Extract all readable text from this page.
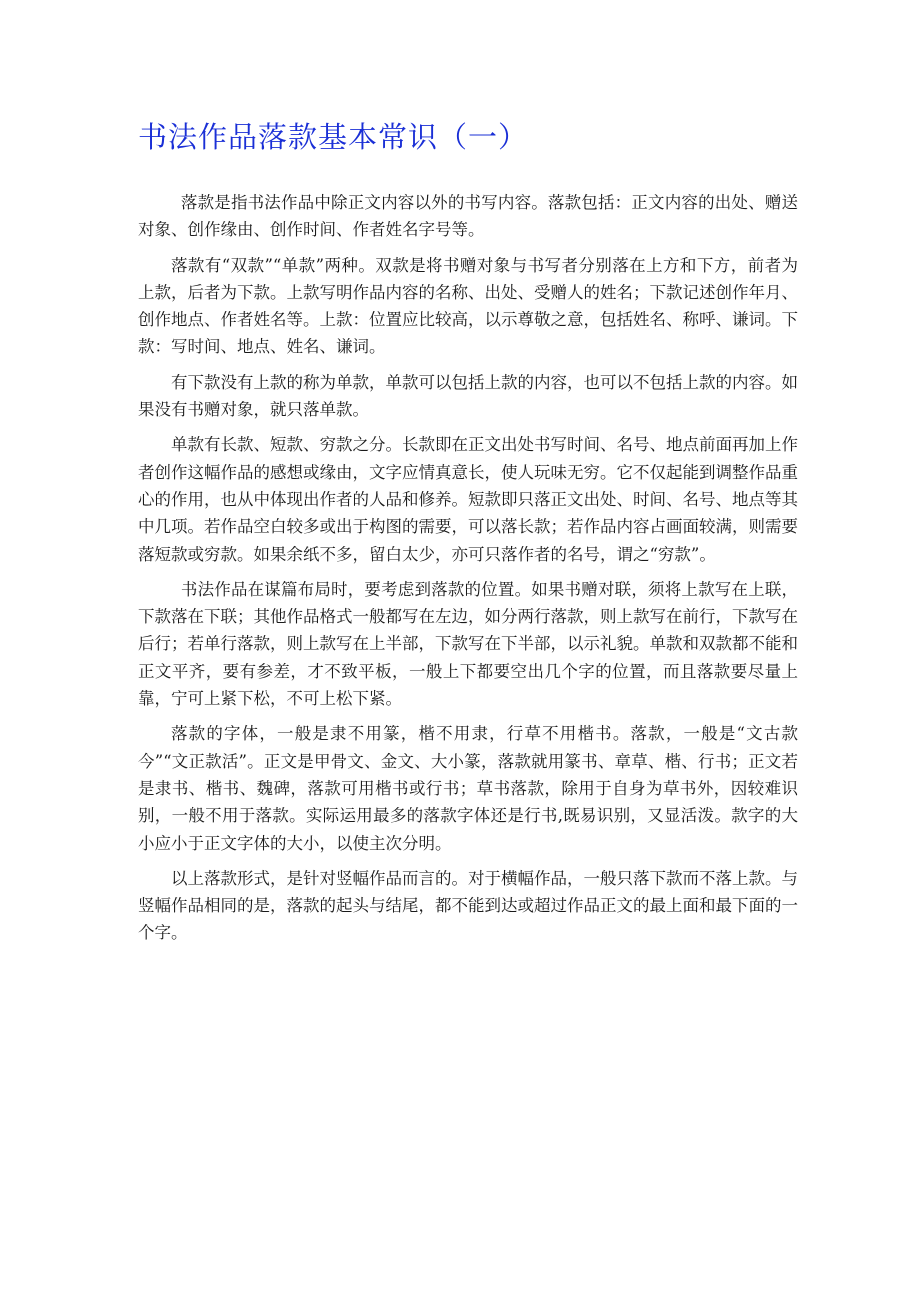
书法作品落款基本常识（一）

落款是指书法作品中除正文内容以外的书写内容。落款包括：正文内容的出处、赠送对象、创作缘由、创作时间、作者姓名字号等。

落款有“双款”“单款”两种。双款是将书赠对象与书写者分别落在上方和下方，前者为上款，后者为下款。上款写明作品内容的名称、出处、受赠人的姓名；下款记述创作年月、创作地点、作者姓名等。上款：位置应比较高，以示尊敬之意，包括姓名、称呼、谦词。下款：写时间、地点、姓名、谦词。

有下款没有上款的称为单款，单款可以包括上款的内容，也可以不包括上款的内容。如果没有书赠对象，就只落单款。

单款有长款、短款、穷款之分。长款即在正文出处书写时间、名号、地点前面再加上作者创作这幅作品的感想或缘由，文字应情真意长，使人玩味无穷。它不仅起能到调整作品重心的作用，也从中体现出作者的人品和修养。短款即只落正文出处、时间、名号、地点等其中几项。若作品空白较多或出于构图的需要，可以落长款；若作品内容占画面较满，则需要落短款或穷款。如果余纸不多，留白太少，亦可只落作者的名号，谓之“穷款”。

书法作品在谋篇布局时，要考虑到落款的位置。如果书赠对联，须将上款写在上联，下款落在下联；其他作品格式一般都写在左边，如分两行落款，则上款写在前行，下款写在后行；若单行落款，则上款写在上半部，下款写在下半部，以示礼貌。单款和双款都不能和正文平齐，要有参差，才不致平板，一般上下都要空出几个字的位置，而且落款要尽量上靠，宁可上紧下松，不可上松下紧。

落款的字体，一般是隶不用篆，楷不用隶，行草不用楷书。落款，一般是“文古款今”“文正款活”。正文是甲骨文、金文、大小篆，落款就用篆书、章草、楷、行书；正文若是隶书、楷书、魏碑，落款可用楷书或行书；草书落款，除用于自身为草书外，因较难识别，一般不用于落款。实际运用最多的落款字体还是行书,既易识别，又显活泼。款字的大小应小于正文字体的大小，以使主次分明。

以上落款形式，是针对竖幅作品而言的。对于横幅作品，一般只落下款而不落上款。与竖幅作品相同的是，落款的起头与结尾，都不能到达或超过作品正文的最上面和最下面的一个字。
